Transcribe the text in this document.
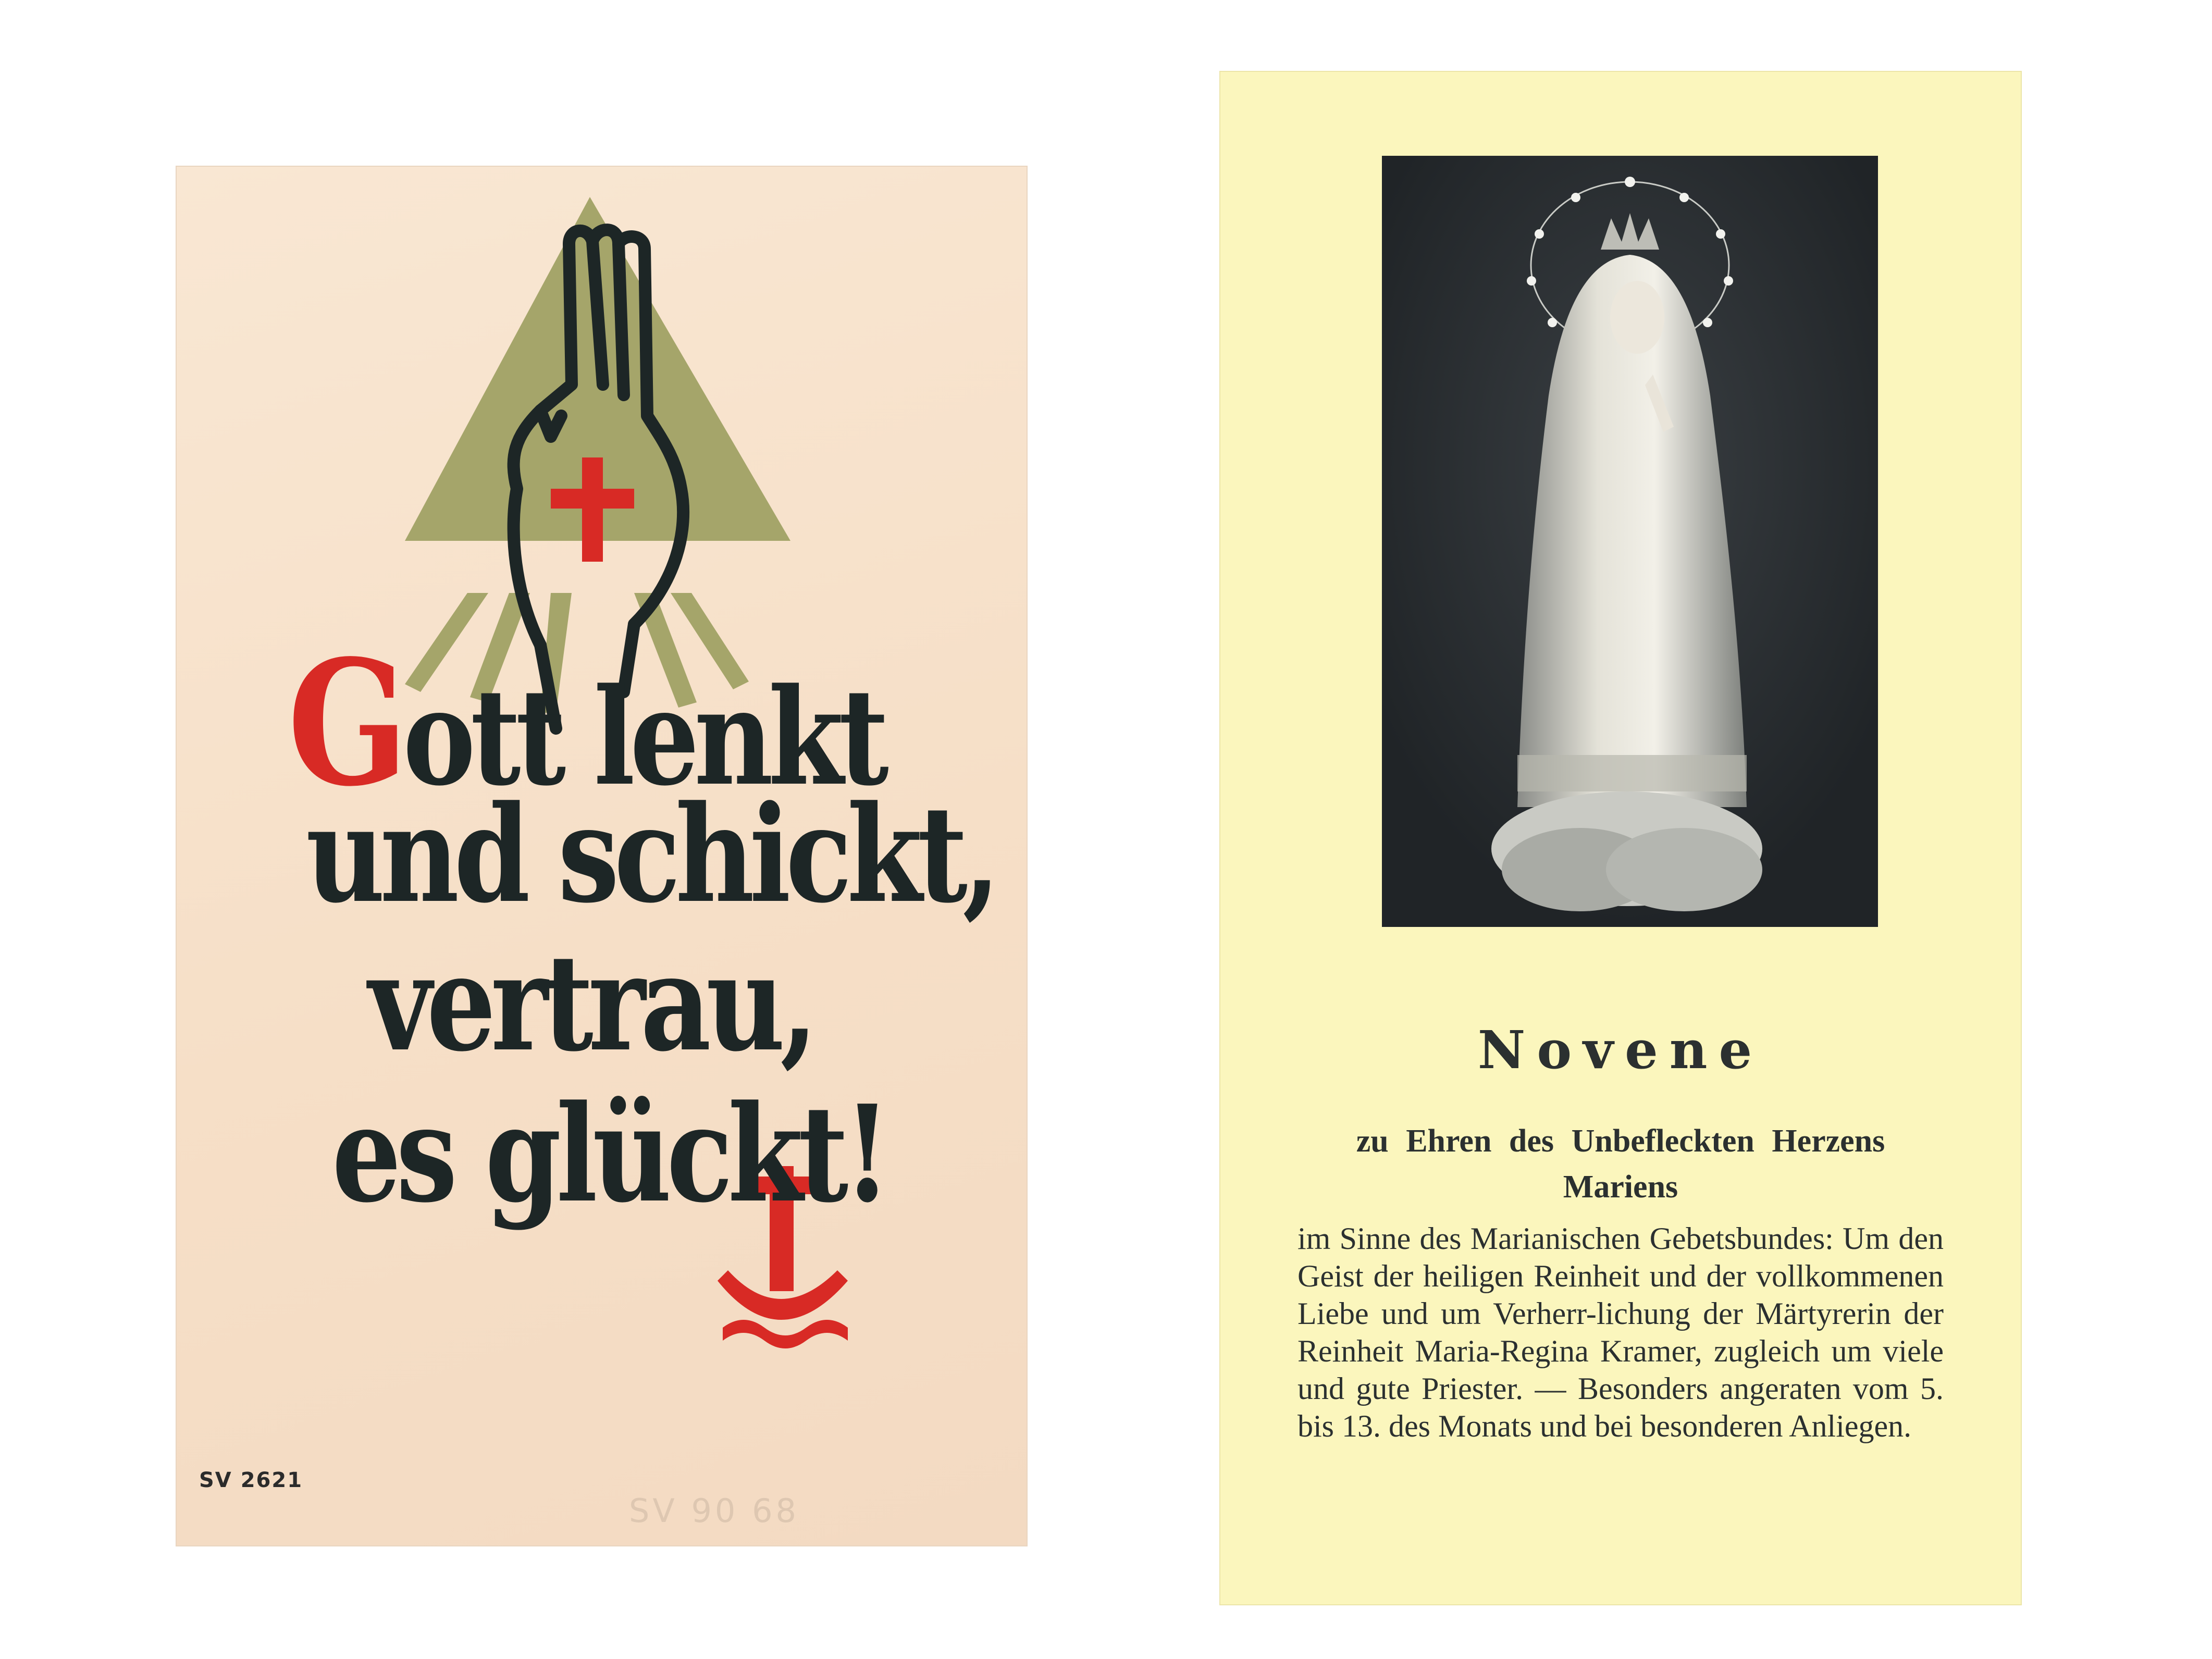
Gott lenkt
und schickt,
vertrau,
es glückt!
SV 2621
SV 90 68
Novene
zu Ehren des Unbefleckten Herzens Mariens
im Sinne des Marianischen Gebetsbundes: Um den Geist der heiligen Reinheit und der vollkommenen Liebe und um Verherr-lichung der Märtyrerin der Reinheit Maria-Regina Kramer, zugleich um viele und gute Priester. — Besonders angeraten vom 5. bis 13. des Monats und bei besonderen Anliegen.
